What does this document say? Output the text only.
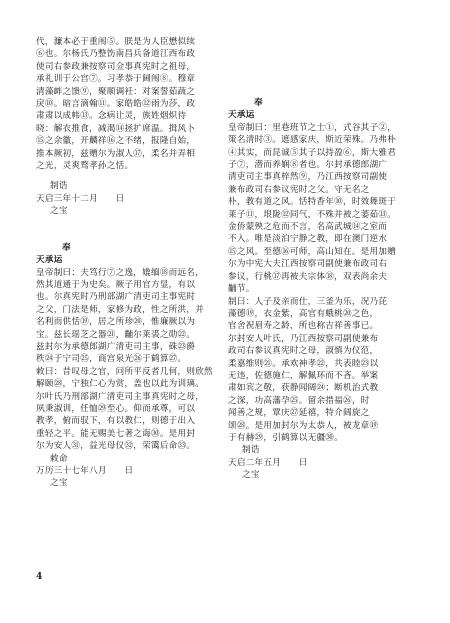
代，濂本必于重闱⑤。朕是为人臣懋似续

⑥也。尔杨氏乃整饬南昌兵备道江西布政

使司右参政兼按察司佥事真宪时之祖母，

承礼训于公宫⑦。习孝恭于阃闱⑧。穆章

清藻衅之馈⑨，聚顺调衽：对案誓茹蔬之

戾⑩。暗言滴翰⑪。家皓皓⑫雨为莎，政

肃肃以成帏⑬。念病让灵，族姓烟炽待

晓：解衣推食，减渴⑭拯扩席温。揖风卜

⑮之余徽，开麟祥⑯之不绪，报隆自始，

推本厥初，兹赠尔为淑人⑰，柔名并弄相

之光，灵爽骛孝孙之恬。

制诰

天启三年十二月　　日

之宝

奉

天承运

皇帝制曰：夫笃行⑦之逸，嫓缅⑱而远名，

然其道通于为史矣。厥子用官方显，有以

也。尔真宪时乃刑部湖广清吏司主事宪时

之父，门法是师，家修为政，性之所洪，并

名利而供恬⑲，居之所珍⑳，惟廉厥以为

宝。兹长瑶芝之器㉑，黼尔莱裘之勋㉒。

兹封尔为承德郎湖广清吏司主事，硃㉓爵

秩㉔于宁司㉕，商宫泉光㉖于鹤算㉗。

敕曰：昔叹母之官，问所平反者几何，则欣然

解颐㉘，宁独仁心为赏，盖也以此为训璃。

尔叶氏乃刑部湖广清吏司主事真宪时之母，

夙秉淑训，任恤㉙至心。仰而承尊，可以

教孝，俯而驭下，有以教仁，则德于出入

重轻之平。能无赐美七著之诲㉚。是用封

尔为安人㉛，益光母仪㉜，荣霭后命㉝。

敕命

万历三十七年八月　　日

之宝

奉

天承运

皇帝制曰：里巷班节之士①，式谷其子②，

策名清时③。遮感家庆，斯近荣殊。乃弗朴

④其实，而昆诚⑤其子以持盈⑥，斯大雅君

子⑦，潜而养娴⑧者也。尔封承德郎湖广

清吏司主事真梓然⑨，乃江西按察司副使

兼布政司右参议宪时之父。守无名之

朴，教有道之风。恬特香年⑩，时效舞斑于

莱子⑪，垠陇⑫同气，不殊并被之萎茹⑬。

金侨蒙殃之危而不言，名高武城⑭之室而

不入。唯是淡泊宁静之教，即在澳门逆水

⑮之风。至德⑯可师，高山知在。是用加赠

尔为中宪大夫江西按察司副使兼布政司右

参议，行桃⑰再被夫宗体⑱，双表尚余夫

黼节。

制曰：人子及亲而仕，三釜为乐，况乃芘

藻德⑲，衣金紫，高官有蛾桃⑳之色，

官舍祝眉寿之龄，所也称吉祥善事已。

尔封安人叶氏，乃江西按察司副使兼布

政司右参议真宪时之母，淑慎为仪范，

柔嘉维则㉑。承欢神孝㉒，共表睦㉓以

无违，佐德施仁，解佩环而不吝。举案

肃如宾之敬，获静闻阔㉔；断机治式教

之深，功高藩孕㉕。留余措福㉖，时

闻善之规，覃庆㉗延禧，特介阔旋之

颂㉘。是用加封尔为太恭人，被龙章⑲

于有赫㉙，引鹤算以无疆㉚。

制诰

天启二年五月　　日

之宝

4
